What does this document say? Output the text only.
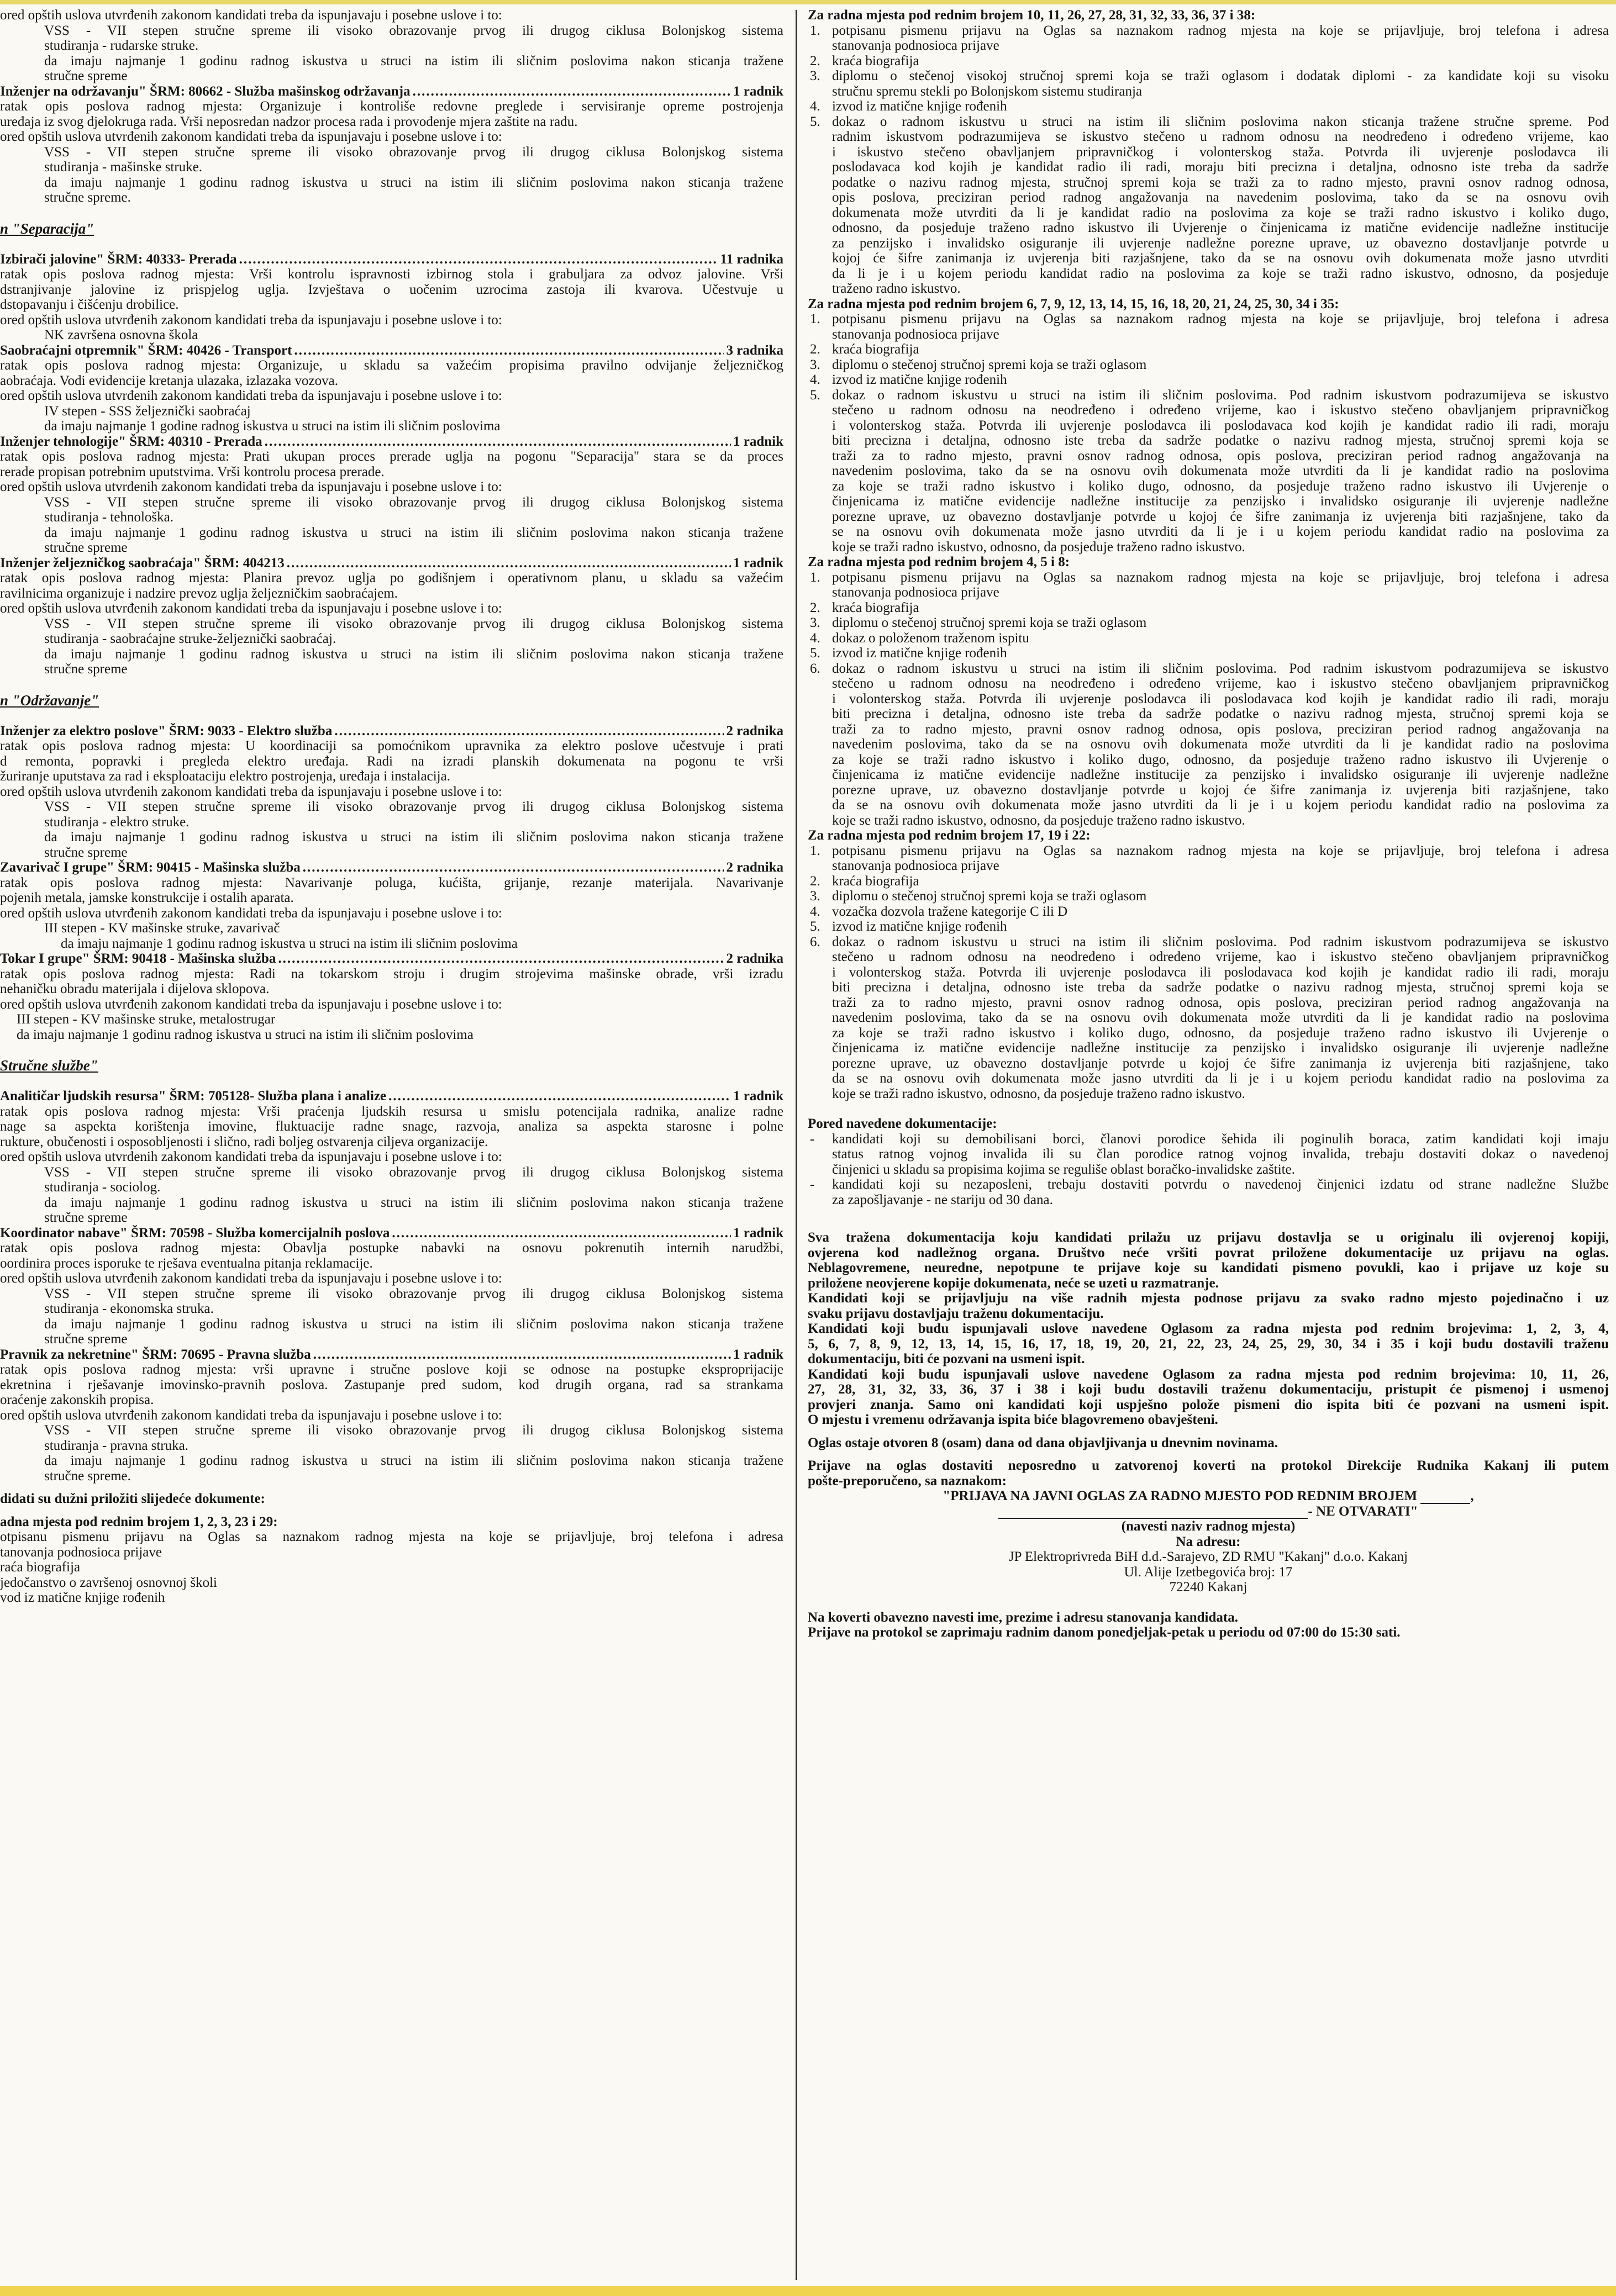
ored opštih uslova utvrđenih zakonom kandidati treba da ispunjavaju i posebne uslove i to:
VSS - VII stepen stručne spreme ili visoko obrazovanje prvog ili drugog ciklusa Bolonjskog sistema
studiranja - rudarske struke.
da imaju najmanje 1 godinu radnog iskustva u struci na istim ili sličnim poslovima nakon sticanja tražene
stručne spreme
Inženjer na održavanju" ŠRM: 80662 - Služba mašinskog održavanja .....	1 radnik
ratak opis poslova radnog mjesta: Organizuje i kontroliše redovne preglede i servisiranje opreme postrojenja
uređaja iz svog djelokruga rada. Vrši neposredan nadzor procesa rada i provođenje mjera zaštite na radu.
ored opštih uslova utvrđenih zakonom kandidati treba da ispunjavaju i posebne uslove i to:
VSS - VII stepen stručne spreme ili visoko obrazovanje prvog ili drugog ciklusa Bolonjskog sistema
studiranja - mašinske struke.
da imaju najmanje 1 godinu radnog iskustva u struci na istim ili sličnim poslovima nakon sticanja tražene
stručne spreme.
n "Separacija"
Izbirači jalovine" ŠRM: 40333- Prerada .....	11 radnika
ratak opis poslova radnog mjesta: Vrši kontrolu ispravnosti izbirnog stola i grabuljara za odvoz jalovine. Vrši
dstranjivanje jalovine iz prispjelog uglja. Izvještava o uočenim uzrocima zastoja ili kvarova. Učestvuje u
dstopavanju i čišćenju drobilice.
ored opštih uslova utvrđenih zakonom kandidati treba da ispunjavaju i posebne uslove i to:
NK završena osnovna škola
Saobraćajni otpremnik" ŠRM: 40426 - Transport .....	3 radnika
ratak opis poslova radnog mjesta: Organizuje, u skladu sa važećim propisima pravilno odvijanje željezničkog
aobraćaja. Vodi evidencije kretanja ulazaka, izlazaka vozova.
ored opštih uslova utvrđenih zakonom kandidati treba da ispunjavaju i posebne uslove i to:
IV stepen - SSS željeznički saobraćaj
da imaju najmanje 1 godine radnog iskustva u struci na istim ili sličnim poslovima
Inženjer tehnologije" ŠRM: 40310 - Prerada .....	1 radnik
ratak opis poslova radnog mjesta: Prati ukupan proces prerade uglja na pogonu "Separacija" stara se da proces
rerade propisan potrebnim uputstvima. Vrši kontrolu procesa prerade.
ored opštih uslova utvrđenih zakonom kandidati treba da ispunjavaju i posebne uslove i to:
VSS - VII stepen stručne spreme ili visoko obrazovanje prvog ili drugog ciklusa Bolonjskog sistema
studiranja - tehnološka.
da imaju najmanje 1 godinu radnog iskustva u struci na istim ili sličnim poslovima nakon sticanja tražene
stručne spreme
Inženjer željezničkog saobraćaja" ŠRM: 404213 .....	1 radnik
ratak opis poslova radnog mjesta: Planira prevoz uglja po godišnjem i operativnom planu, u skladu sa važećim
ravilnicima organizuje i nadzire prevoz uglja željezničkim saobraćajem.
ored opštih uslova utvrđenih zakonom kandidati treba da ispunjavaju i posebne uslove i to:
VSS - VII stepen stručne spreme ili visoko obrazovanje prvog ili drugog ciklusa Bolonjskog sistema
studiranja - saobraćajne struke-željeznički saobraćaj.
da imaju najmanje 1 godinu radnog iskustva u struci na istim ili sličnim poslovima nakon sticanja tražene
stručne spreme
n "Održavanje"
Inženjer za elektro poslove" ŠRM: 9033 - Elektro služba .....	2 radnika
ratak opis poslova radnog mjesta: U koordinaciji sa pomoćnikom upravnika za elektro poslove učestvuje i prati
d remonta, popravki i pregleda elektro uređaja. Radi na izradi planskih dokumenata na pogonu te vrši
žuriranje uputstava za rad i eksploataciju elektro postrojenja, uređaja i instalacija.
ored opštih uslova utvrđenih zakonom kandidati treba da ispunjavaju i posebne uslove i to:
VSS - VII stepen stručne spreme ili visoko obrazovanje prvog ili drugog ciklusa Bolonjskog sistema
studiranja - elektro struke.
da imaju najmanje 1 godinu radnog iskustva u struci na istim ili sličnim poslovima nakon sticanja tražene
stručne spreme
Zavarivač I grupe" ŠRM: 90415 - Mašinska služba .....	2 radnika
ratak opis poslova radnog mjesta: Navarivanje poluga, kućišta, grijanje, rezanje materijala. Navarivanje
pojenih metala, jamske konstrukcije i ostalih aparata.
ored opštih uslova utvrđenih zakonom kandidati treba da ispunjavaju i posebne uslove i to:
III stepen - KV mašinske struke, zavarivač
da imaju najmanje 1 godinu radnog iskustva u struci na istim ili sličnim poslovima
Tokar I grupe" ŠRM: 90418 - Mašinska služba .....	2 radnika
ratak opis poslova radnog mjesta: Radi na tokarskom stroju i drugim strojevima mašinske obrade, vrši izradu
nehaničku obradu materijala i dijelova sklopova.
ored opštih uslova utvrđenih zakonom kandidati treba da ispunjavaju i posebne uslove i to:
III stepen - KV mašinske struke, metalostrugar
da imaju najmanje 1 godinu radnog iskustva u struci na istim ili sličnim poslovima
Stručne službe"
Analitičar ljudskih resursa" ŠRM: 705128- Služba plana i analize .....	1 radnik
ratak opis poslova radnog mjesta: Vrši praćenja ljudskih resursa u smislu potencijala radnika, analize radne
nage sa aspekta korištenja imovine, fluktuacije radne snage, razvoja, analiza sa aspekta starosne i polne
rukture, obučenosti i osposobljenosti i slično, radi boljeg ostvarenja ciljeva organizacije.
ored opštih uslova utvrđenih zakonom kandidati treba da ispunjavaju i posebne uslove i to:
VSS - VII stepen stručne spreme ili visoko obrazovanje prvog ili drugog ciklusa Bolonjskog sistema
studiranja - sociolog.
da imaju najmanje 1 godinu radnog iskustva u struci na istim ili sličnim poslovima nakon sticanja tražene
stručne spreme
Koordinator nabave" ŠRM: 70598 - Služba komercijalnih poslova .....	1 radnik
ratak opis poslova radnog mjesta: Obavlja postupke nabavki na osnovu pokrenutih internih narudžbi,
oordinira proces isporuke te rješava eventualna pitanja reklamacije.
ored opštih uslova utvrđenih zakonom kandidati treba da ispunjavaju i posebne uslove i to:
VSS - VII stepen stručne spreme ili visoko obrazovanje prvog ili drugog ciklusa Bolonjskog sistema
studiranja - ekonomska struka.
da imaju najmanje 1 godinu radnog iskustva u struci na istim ili sličnim poslovima nakon sticanja tražene
stručne spreme
Pravnik za nekretnine" ŠRM: 70695 - Pravna služba .....	1 radnik
ratak opis poslova radnog mjesta: vrši upravne i stručne poslove koji se odnose na postupke eksproprijacije
ekretnina i rješavanje imovinsko-pravnih poslova. Zastupanje pred sudom, kod drugih organa, rad sa strankama
oraćenje zakonskih propisa.
ored opštih uslova utvrđenih zakonom kandidati treba da ispunjavaju i posebne uslove i to:
VSS - VII stepen stručne spreme ili visoko obrazovanje prvog ili drugog ciklusa Bolonjskog sistema
studiranja - pravna struka.
da imaju najmanje 1 godinu radnog iskustva u struci na istim ili sličnim poslovima nakon sticanja tražene
stručne spreme.
didati su dužni priložiti slijedeće dokumente:
adna mjesta pod rednim brojem 1, 2, 3, 23 i 29:
otpisanu pismenu prijavu na Oglas sa naznakom radnog mjesta na koje se prijavljuje, broj telefona i adresa
tanovanja podnosioca prijave
raća biografija
jedočanstvo o završenoj osnovnoj školi
vod iz matične knjige rođenih
Za radna mjesta pod rednim brojem 10, 11, 26, 27, 28, 31, 32, 33, 36, 37 i 38:
1. potpisanu pismenu prijavu na Oglas sa naznakom radnog mjesta na koje se prijavljuje, broj telefona i adresa
stanovanja podnosioca prijave
2. kraća biografija
3. diplomu o stečenoj visokoj stručnoj spremi koja se traži oglasom i dodatak diplomi - za kandidate koji su visoku
stručnu spremu stekli po Bolonjskom sistemu studiranja
4. izvod iz matične knjige rođenih
5. dokaz o radnom iskustvu u struci na istim ili sličnim poslovima nakon sticanja tražene stručne spreme. Pod
radnim iskustvom podrazumijeva se iskustvo stečeno u radnom odnosu na neodređeno i određeno vrijeme, kao
i iskustvo stečeno obavljanjem pripravničkog i volonterskog staža. Potvrda ili uvjerenje poslodavca ili
poslodavaca kod kojih je kandidat radio ili radi, moraju biti precizna i detaljna, odnosno iste treba da sadrže
podatke o nazivu radnog mjesta, stručnoj spremi koja se traži za to radno mjesto, pravni osnov radnog odnosa,
opis poslova, preciziran period radnog angažovanja na navedenim poslovima, tako da se na osnovu ovih
dokumenata može utvrditi da li je kandidat radio na poslovima za koje se traži radno iskustvo i koliko dugo,
odnosno, da posjeduje traženo radno iskustvo ili Uvjerenje o činjenicama iz matične evidencije nadležne institucije
za penzijsko i invalidsko osiguranje ili uvjerenje nadležne porezne uprave, uz obavezno dostavljanje potvrde u
kojoj će šifre zanimanja iz uvjerenja biti razjašnjene, tako da se na osnovu ovih dokumenata može jasno utvrditi
da li je i u kojem periodu kandidat radio na poslovima za koje se traži radno iskustvo, odnosno, da posjeduje
traženo radno iskustvo.
Za radna mjesta pod rednim brojem 6, 7, 9, 12, 13, 14, 15, 16, 18, 20, 21, 24, 25, 30, 34 i 35:
1. potpisanu pismenu prijavu na Oglas sa naznakom radnog mjesta na koje se prijavljuje, broj telefona i adresa
stanovanja podnosioca prijave
2. kraća biografija
3. diplomu o stečenoj stručnoj spremi koja se traži oglasom
4. izvod iz matične knjige rođenih
5. dokaz o radnom iskustvu u struci na istim ili sličnim poslovima. Pod radnim iskustvom podrazumijeva se iskustvo
stečeno u radnom odnosu na neodređeno i određeno vrijeme, kao i iskustvo stečeno obavljanjem pripravničkog
i volonterskog staža. Potvrda ili uvjerenje poslodavca ili poslodavaca kod kojih je kandidat radio ili radi, moraju
biti precizna i detaljna, odnosno iste treba da sadrže podatke o nazivu radnog mjesta, stručnoj spremi koja se
traži za to radno mjesto, pravni osnov radnog odnosa, opis poslova, preciziran period radnog angažovanja na
navedenim poslovima, tako da se na osnovu ovih dokumenata može utvrditi da li je kandidat radio na poslovima
za koje se traži radno iskustvo i koliko dugo, odnosno, da posjeduje traženo radno iskustvo ili Uvjerenje o
činjenicama iz matične evidencije nadležne institucije za penzijsko i invalidsko osiguranje ili uvjerenje nadležne
porezne uprave, uz obavezno dostavljanje potvrde u kojoj će šifre zanimanja iz uvjerenja biti razjašnjene, tako da
se na osnovu ovih dokumenata može jasno utvrditi da li je i u kojem periodu kandidat radio na poslovima za
koje se traži radno iskustvo, odnosno, da posjeduje traženo radno iskustvo.
Za radna mjesta pod rednim brojem 4, 5 i 8:
1. potpisanu pismenu prijavu na Oglas sa naznakom radnog mjesta na koje se prijavljuje, broj telefona i adresa
stanovanja podnosioca prijave
2. kraća biografija
3. diplomu o stečenoj stručnoj spremi koja se traži oglasom
4. dokaz o položenom traženom ispitu
5. izvod iz matične knjige rođenih
6. dokaz o radnom iskustvu u struci na istim ili sličnim poslovima. Pod radnim iskustvom podrazumijeva se iskustvo
stečeno u radnom odnosu na neodređeno i određeno vrijeme, kao i iskustvo stečeno obavljanjem pripravničkog
i volonterskog staža. Potvrda ili uvjerenje poslodavca ili poslodavaca kod kojih je kandidat radio ili radi, moraju
biti precizna i detaljna, odnosno iste treba da sadrže podatke o nazivu radnog mjesta, stručnoj spremi koja se
traži za to radno mjesto, pravni osnov radnog odnosa, opis poslova, preciziran period radnog angažovanja na
navedenim poslovima, tako da se na osnovu ovih dokumenata može utvrditi da li je kandidat radio na poslovima
za koje se traži radno iskustvo i koliko dugo, odnosno, da posjeduje traženo radno iskustvo ili Uvjerenje o
činjenicama iz matične evidencije nadležne institucije za penzijsko i invalidsko osiguranje ili uvjerenje nadležne
porezne uprave, uz obavezno dostavljanje potvrde u kojoj će šifre zanimanja iz uvjerenja biti razjašnjene, tako
da se na osnovu ovih dokumenata može jasno utvrditi da li je i u kojem periodu kandidat radio na poslovima za
koje se traži radno iskustvo, odnosno, da posjeduje traženo radno iskustvo.
Za radna mjesta pod rednim brojem 17, 19 i 22:
1. potpisanu pismenu prijavu na Oglas sa naznakom radnog mjesta na koje se prijavljuje, broj telefona i adresa
stanovanja podnosioca prijave
2. kraća biografija
3. diplomu o stečenoj stručnoj spremi koja se traži oglasom
4. vozačka dozvola tražene kategorije C ili D
5. izvod iz matične knjige rođenih
6. dokaz o radnom iskustvu u struci na istim ili sličnim poslovima. Pod radnim iskustvom podrazumijeva se iskustvo
stečeno u radnom odnosu na neodređeno i određeno vrijeme, kao i iskustvo stečeno obavljanjem pripravničkog
i volonterskog staža. Potvrda ili uvjerenje poslodavca ili poslodavaca kod kojih je kandidat radio ili radi, moraju
biti precizna i detaljna, odnosno iste treba da sadrže podatke o nazivu radnog mjesta, stručnoj spremi koja se
traži za to radno mjesto, pravni osnov radnog odnosa, opis poslova, preciziran period radnog angažovanja na
navedenim poslovima, tako da se na osnovu ovih dokumenata može utvrditi da li je kandidat radio na poslovima
za koje se traži radno iskustvo i koliko dugo, odnosno, da posjeduje traženo radno iskustvo ili Uvjerenje o
činjenicama iz matične evidencije nadležne institucije za penzijsko i invalidsko osiguranje ili uvjerenje nadležne
porezne uprave, uz obavezno dostavljanje potvrde u kojoj će šifre zanimanja iz uvjerenja biti razjašnjene, tako
da se na osnovu ovih dokumenata može jasno utvrditi da li je i u kojem periodu kandidat radio na poslovima za
koje se traži radno iskustvo, odnosno, da posjeduje traženo radno iskustvo.
Pored navedene dokumentacije:
-	kandidati koji su demobilisani borci, članovi porodice šehida ili poginulih boraca, zatim kandidati koji imaju
status ratnog vojnog invalida ili su član porodice ratnog vojnog invalida, trebaju dostaviti dokaz o navedenoj
činjenici u skladu sa propisima kojima se reguliše oblast boračko-invalidske zaštite.
-	kandidati koji su nezaposleni, trebaju dostaviti potvrdu o navedenoj činjenici izdatu od strane nadležne Službe
za zapošljavanje - ne stariju od 30 dana.
Sva tražena dokumentacija koju kandidati prilažu uz prijavu dostavlja se u originalu ili ovjerenoj kopiji,
ovjerena kod nadležnog organa. Društvo neće vršiti povrat priložene dokumentacije uz prijavu na oglas.
Neblagovremene, neuredne, nepotpune te prijave koje su kandidati pismeno povukli, kao i prijave uz koje su
priložene neovjerene kopije dokumenata, neće se uzeti u razmatranje.
Kandidati koji se prijavljuju na više radnih mjesta podnose prijavu za svako radno mjesto pojedinačno i uz
svaku prijavu dostavljaju traženu dokumentaciju.
Kandidati koji budu ispunjavali uslove navedene Oglasom za radna mjesta pod rednim brojevima: 1, 2, 3, 4,
5, 6, 7, 8, 9, 12, 13, 14, 15, 16, 17, 18, 19, 20, 21, 22, 23, 24, 25, 29, 30, 34 i 35 i koji budu dostavili traženu
dokumentaciju, biti će pozvani na usmeni ispit.
Kandidati koji budu ispunjavali uslove navedene Oglasom za radna mjesta pod rednim brojevima: 10, 11, 26,
27, 28, 31, 32, 33, 36, 37 i 38 i koji budu dostavili traženu dokumentaciju, pristupit će pismenoj i usmenoj
provjeri znanja. Samo oni kandidati koji uspješno polože pismeni dio ispita biti će pozvani na usmeni ispit.
O mjestu i vremenu održavanja ispita biće blagovremeno obavješteni.
Oglas ostaje otvoren 8 (osam) dana od dana objavljivanja u dnevnim novinama.
Prijave na oglas dostaviti neposredno u zatvorenoj koverti na protokol Direkcije Rudnika Kakanj ili putem
pošte-preporučeno, sa naznakom:
"PRIJAVA NA JAVNI OGLAS ZA RADNO MJESTO POD REDNIM BROJEM	,
- NE OTVARATI"
(navesti naziv radnog mjesta)
Na adresu:
JP Elektroprivreda BiH d.d.-Sarajevo, ZD RMU "Kakanj" d.o.o. Kakanj
Ul. Alije Izetbegovića broj: 17
72240 Kakanj
Na koverti obavezno navesti ime, prezime i adresu stanovanja kandidata.
Prijave na protokol se zaprimaju radnim danom ponedjeljak-petak u periodu od 07:00 do 15:30 sati.
